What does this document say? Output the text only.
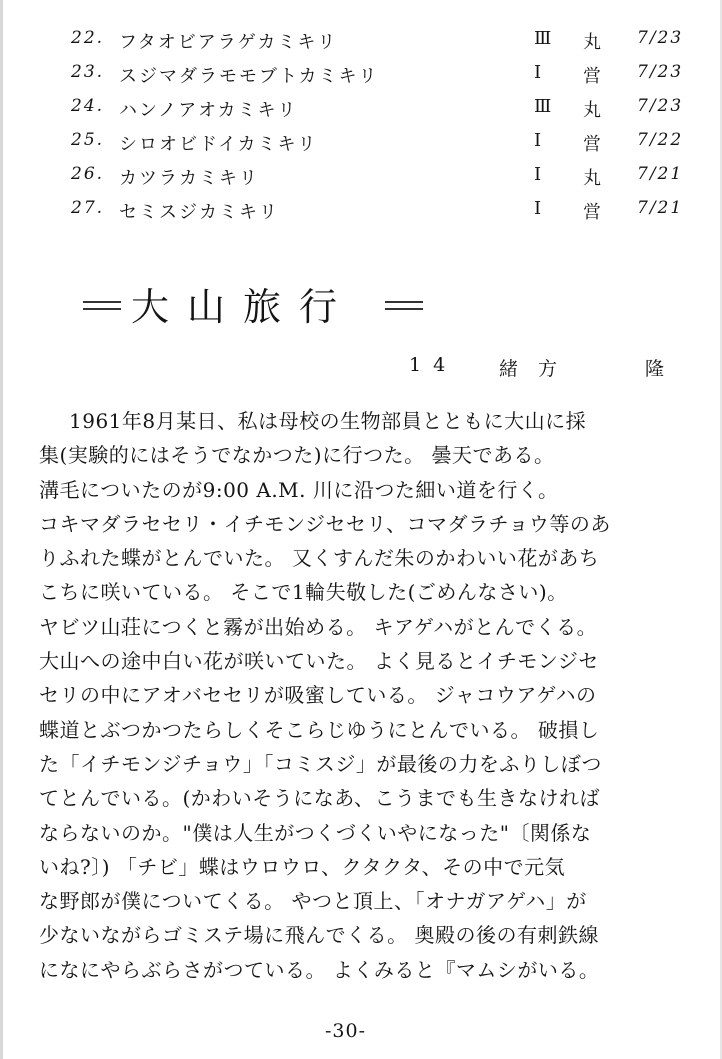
22. フタオビアラゲカミキリ	Ⅲ 丸 7/23
23. スジマダラモモブトカミキリ	Ⅰ 営 7/23
24. ハンノアオカミキリ	Ⅲ 丸 7/23
25. シロオビドイカミキリ	Ⅰ 営 7/22
26. カツラカミキリ	Ⅰ 丸 7/21
27. セミスジカミキリ	Ⅰ 営 7/21
大山旅行
14 緒方	隆
1961年8月某日、私は母校の生物部員とともに大山に採
集(実験的にはそうでなかつた)に行つた。 曇天である。
溝毛についたのが9:00 A.M. 川に沿つた細い道を行く。
コキマダラセセリ・イチモンジセセリ、コマダラチョウ等のあ
りふれた蝶がとんでいた。 又くすんだ朱のかわいい花があち
こちに咲いている。 そこで1輪失敬した(ごめんなさい)。
ヤビツ山荘につくと霧が出始める。 キアゲハがとんでくる。
大山への途中白い花が咲いていた。 よく見るとイチモンジセ
セリの中にアオバセセリが吸蜜している。 ジャコウアゲハの
蝶道とぶつかつたらしくそこらじゆうにとんでいる。 破損し
た「イチモンジチョウ」「コミスジ」が最後の力をふりしぼつ
てとんでいる。(かわいそうになあ、こうまでも生きなければ
ならないのか。"僕は人生がつくづくいやになった"〔関係な
いね?〕) 「チビ」蝶はウロウロ、クタクタ、その中で元気
な野郎が僕についてくる。 やつと頂上、「オナガアゲハ」が
少ないながらゴミステ場に飛んでくる。 奥殿の後の有刺鉄線
になにやらぶらさがつている。 よくみると『マムシがいる。
-30-
